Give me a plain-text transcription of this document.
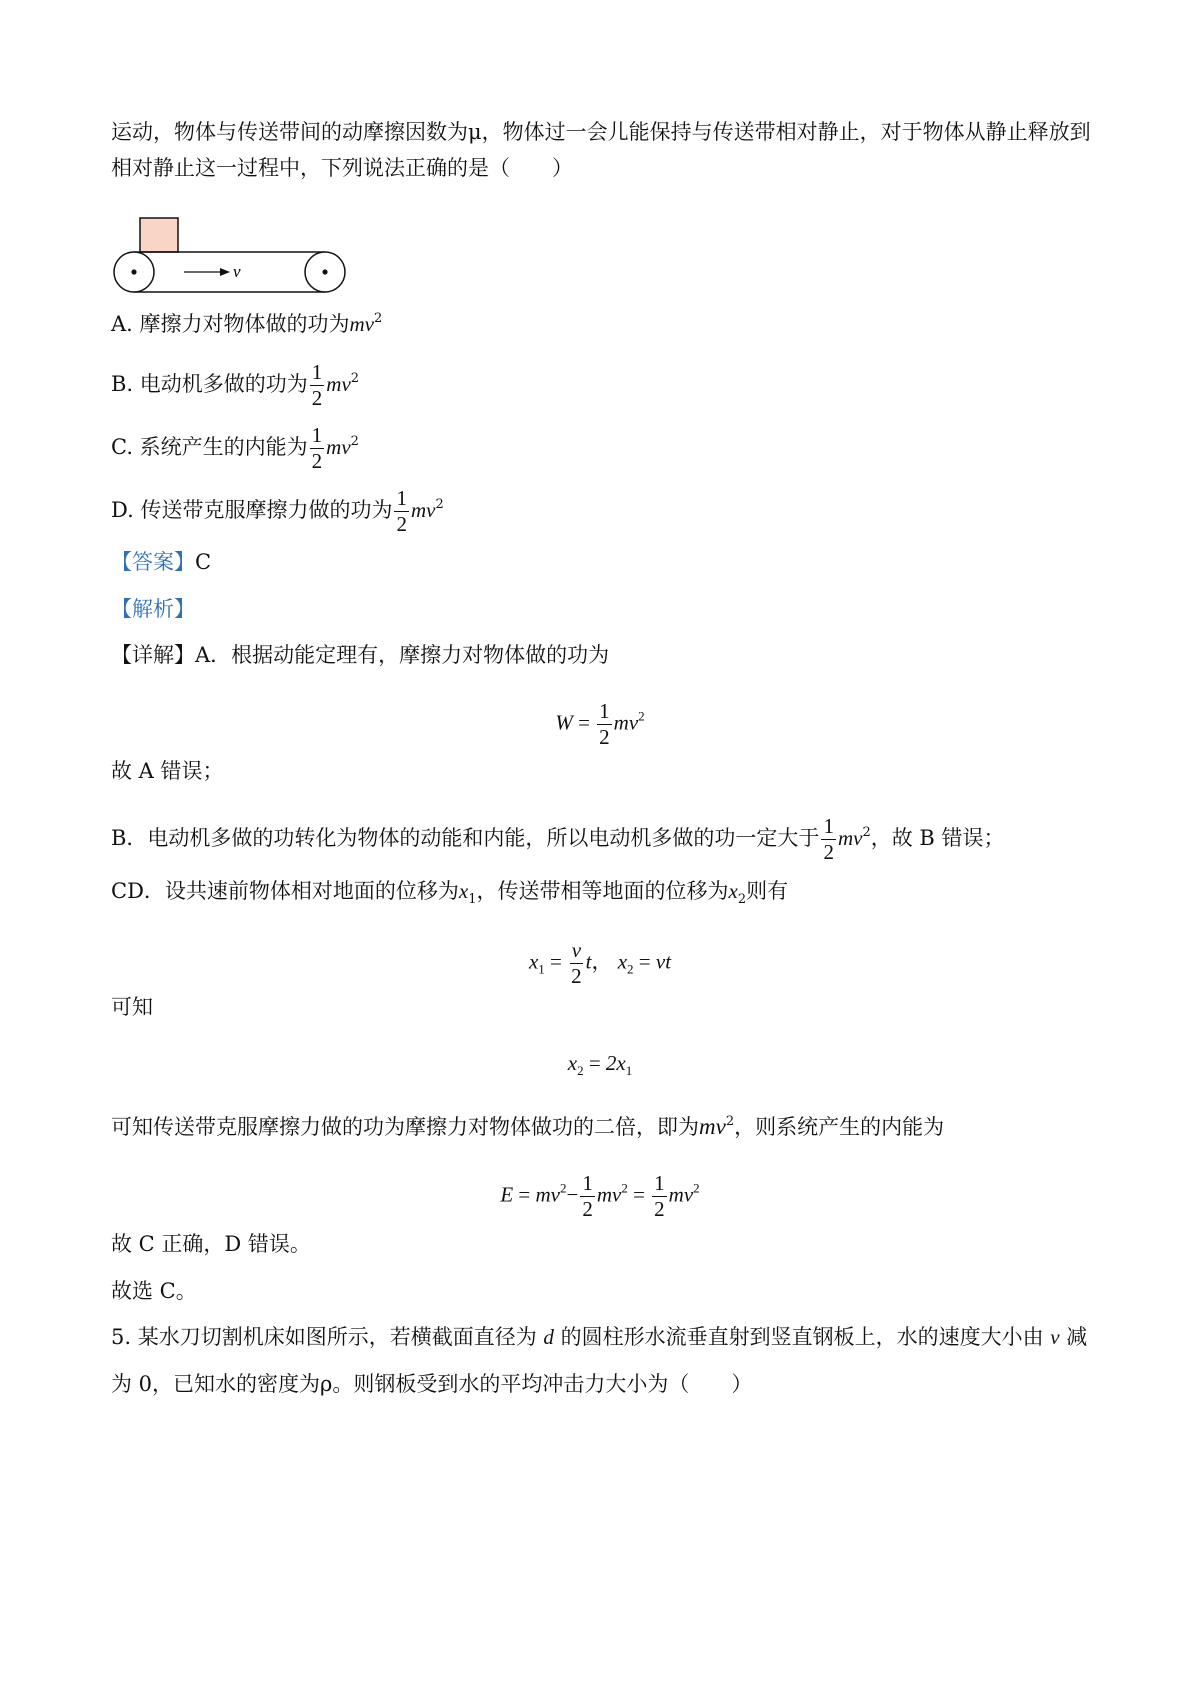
运动，物体与传送带间的动摩擦因数为μ，物体过一会儿能保持与传送带相对静止，对于物体从静止释放到
相对静止这一过程中，下列说法正确的是（　　）
v
A. 摩擦力对物体做的功为$mv^2$
B. 电动机多做的功为 $\frac{1}{2} mv^2$
C. 系统产生的内能为 $\frac{1}{2} mv^2$
D. 传送带克服摩擦力做的功为 $\frac{1}{2} mv^2$
【答案】C
【解析】
【详解】A．根据动能定理有，摩擦力对物体做的功为
$W = \frac{1}{2} mv^2$
故 A 错误；
B．电动机多做的功转化为物体的动能和内能，所以电动机多做的功一定大于 $\frac{1}{2} mv^2$，故 B 错误；
CD．设共速前物体相对地面的位移为$x_1$，传送带相等地面的位移为$x_2$则有
$x_1 = \frac{v}{2}$ t， $x_2$ = vt
可知
$x_2 = 2x_1$
可知传送带克服摩擦力做的功为摩擦力对物体做功的二倍，即为$mv^2$，则系统产生的内能为
$E = mv^2- \frac{1}{2} mv^2 = \frac{1}{2} mv^2$
故 C 正确，D 错误。
故选 C。
5. 某水刀切割机床如图所示，若横截面直径为 d 的圆柱形水流垂直射到竖直钢板上，水的速度大小由 v 减
为 0，已知水的密度为ρ。则钢板受到水的平均冲击力大小为（　　）
